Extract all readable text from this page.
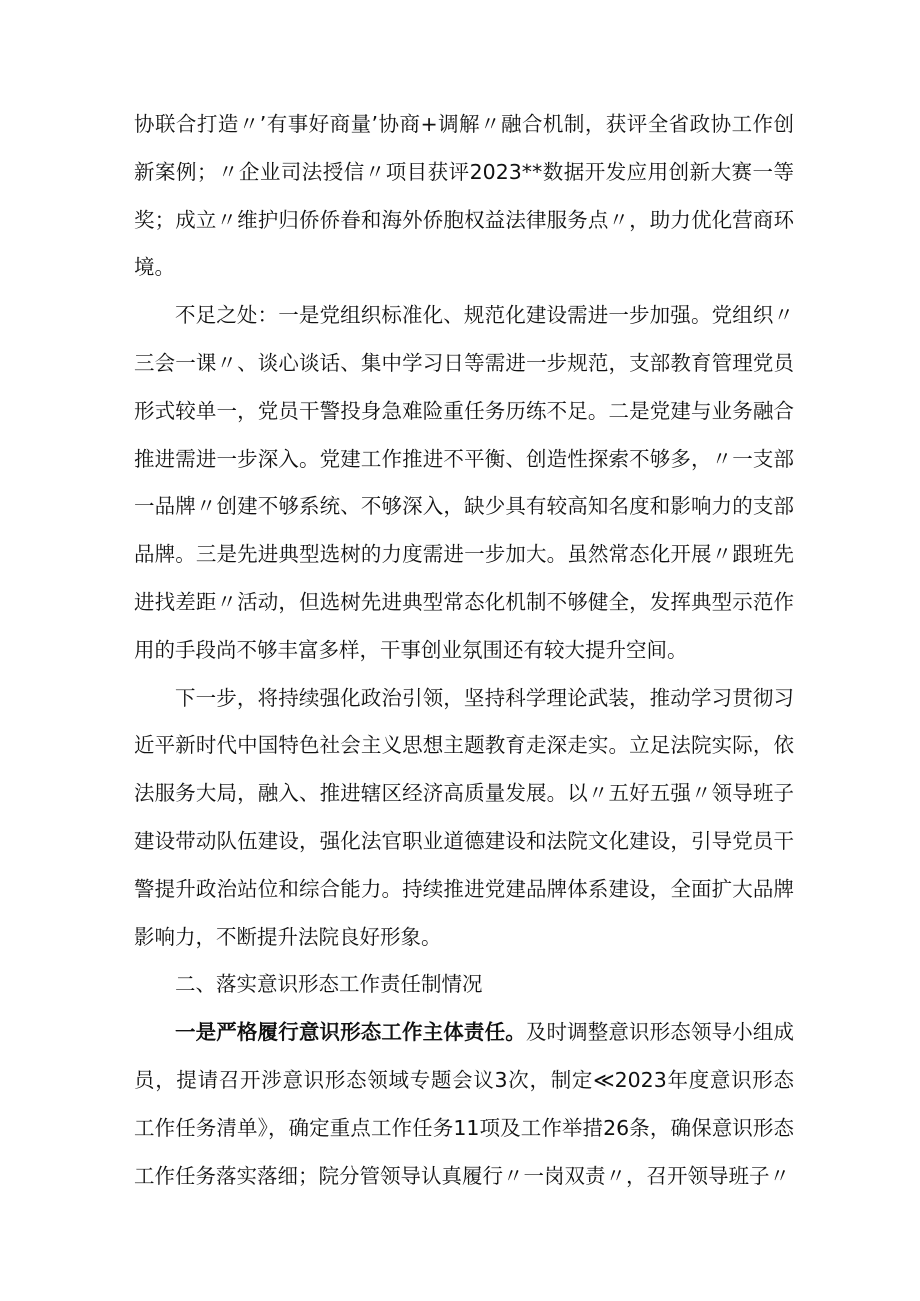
协联合打造〃’有事好商量’协商+调解〃融合机制，获评全省政协工作创新案例；〃企业司法授信〃项目获评2023**数据开发应用创新大赛一等奖；成立〃维护归侨侨眷和海外侨胞权益法律服务点〃，助力优化营商环境。

不足之处：一是党组织标准化、规范化建设需进一步加强。党组织〃三会一课〃、谈心谈话、集中学习日等需进一步规范，支部教育管理党员形式较单一，党员干警投身急难险重任务历练不足。二是党建与业务融合推进需进一步深入。党建工作推进不平衡、创造性探索不够多，〃一支部一品牌〃创建不够系统、不够深入，缺少具有较高知名度和影响力的支部品牌。三是先进典型选树的力度需进一步加大。虽然常态化开展〃跟班先进找差距〃活动，但选树先进典型常态化机制不够健全，发挥典型示范作用的手段尚不够丰富多样，干事创业氛围还有较大提升空间。

下一步，将持续强化政治引领，坚持科学理论武装，推动学习贯彻习近平新时代中国特色社会主义思想主题教育走深走实。立足法院实际，依法服务大局，融入、推进辖区经济高质量发展。以〃五好五强〃领导班子建设带动队伍建设，强化法官职业道德建设和法院文化建设，引导党员干警提升政治站位和综合能力。持续推进党建品牌体系建设，全面扩大品牌影响力，不断提升法院良好形象。

二、落实意识形态工作责任制情况

一是严格履行意识形态工作主体责任。及时调整意识形态领导小组成员，提请召开涉意识形态领域专题会议3次，制定≪2023年度意识形态工作任务清单》，确定重点工作任务11项及工作举措26条，确保意识形态工作任务落实落细；院分管领导认真履行〃一岗双责〃，召开领导班子〃
